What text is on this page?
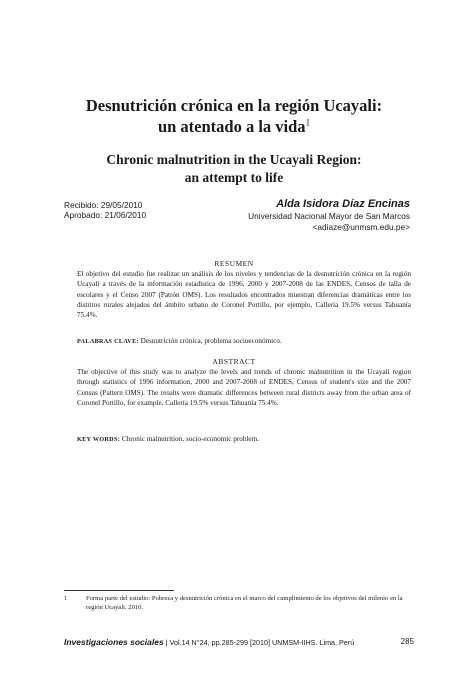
Desnutrición crónica en la región Ucayali:
un atentado a la vida$^1$
Chronic malnutrition in the Ucayali Region:
an attempt to life
Recibido: 29/05/2010
Aprobado: 21/06/2010
Alda Isidora Díaz Encinas
Universidad Nacional Mayor de San Marcos
<adiaze@unmsm.edu.pe>
RESUMEN
El objetivo del estudio fue realizar un análisis de los niveles y tendencias de la desnutrición crónica en la región Ucayali a través de la información estadística de 1996, 2000 y 2007-2008 de las ENDES, Censos de talla de escolares y el Censo 2007 (Patrón OMS). Los resultados encontrados muestran diferencias dramáticas entre los distritos rurales alejados del ámbito urbano de Coronel Portillo, por ejemplo, Callería 19.5% versus Tahuanía 75.4%.
PALABRAS CLAVE: Desnutrición crónica, problema socioeconómico.
ABSTRACT
The objective of this study was to analyze the levels and trends of chronic malnutrition in the Ucayali region through statistics of 1996 information, 2000 and 2007-2008 of ENDES, Census of student's size and the 2007 Census (Pattern OMS). The results were dramatic differences between rural districts away from the urban area of Coronel Portillo, for example, Callería 19.5% versus Tahuanía 75.4%.
KEY WORDS: Chronic malnutrition, socio-economic problem.
1	Forma parte del estudio: Pobreza y desnutrición crónica en el marco del cumplimiento de los objetivos del milenio en la región Ucayali. 2010.
Investigaciones sociales | Vol.14 N°24, pp.285-299 [2010] UNMSM-IIHS. Lima, Perú	285
